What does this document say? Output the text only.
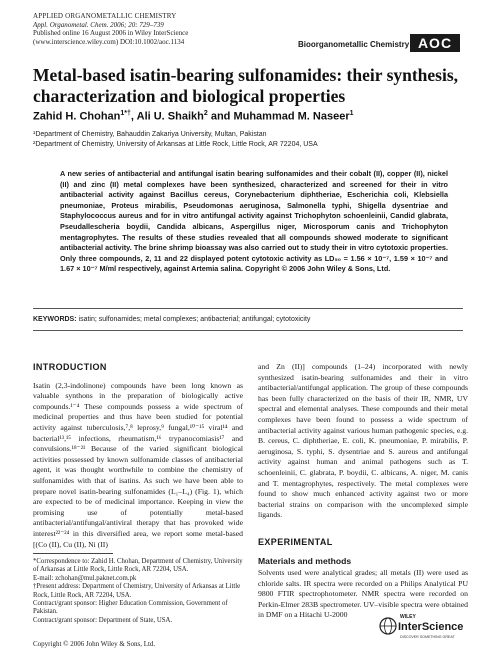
APPLIED ORGANOMETALLIC CHEMISTRY
Appl. Organometal. Chem. 2006; 20: 729–739
Published online 16 August 2006 in Wiley InterScience
(www.interscience.wiley.com) DOI:10.1002/aoc.1134	Bioorganometallic Chemistry AOC
Metal-based isatin-bearing sulfonamides: their synthesis, characterization and biological properties
Zahid H. Chohan$^{1*\dagger}$, Ali U. Shaikh$^2$ and Muhammad M. Naseer$^1$
¹Department of Chemistry, Bahauddin Zakariya University, Multan, Pakistan
²Department of Chemistry, University of Arkansas at Little Rock, Little Rock, AR 72204, USA
A new series of antibacterial and antifungal isatin bearing sulfonamides and their cobalt (II), copper (II), nickel (II) and zinc (II) metal complexes have been synthesized, characterized and screened for their in vitro antibacterial activity against Bacillus cereus, Corynebacterium diphtheriae, Escherichia coli, Klebsiella pneumoniae, Proteus mirabilis, Pseudomonas aeruginosa, Salmonella typhi, Shigella dysentriae and Staphylococcus aureus and for in vitro antifungal activity against Trichophyton schoenleinii, Candid glabrata, Pseudallescheria boydii, Candida albicans, Aspergillus niger, Microsporum canis and Trichophyton mentagrophytes. The results of these studies revealed that all compounds showed moderate to significant antibacterial activity. The brine shrimp bioassay was also carried out to study their in vitro cytotoxic properties. Only three compounds, 2, 11 and 22 displayed potent cytotoxic activity as LD₅₀ = 1.56 × 10⁻⁷, 1.59 × 10⁻⁷ and 1.67 × 10⁻⁷ M/ml respectively, against Artemia salina. Copyright © 2006 John Wiley & Sons, Ltd.
KEYWORDS: isatin; sulfonamides; metal complexes; antibacterial; antifungal; cytotoxicity
INTRODUCTION

Isatin (2,3-indolinone) compounds have been long known as valuable synthons in the preparation of biologically active compounds.¹⁻⁴ These compounds possess a wide spectrum of medicinal properties and thus have been studied for potential activity against tuberculosis,⁷,⁸ leprosy,⁹ fungal,¹⁰⁻¹⁵ viral¹⁴ and bacterial¹³,¹⁵ infections, rheumatism,¹⁶ trypanocomiasis¹⁷ and convulsions.¹⁸⁻²¹ Because of the varied significant biological activities possessed by known sulfonamide classes of antibacterial agent, it was thought worthwhile to combine the chemistry of sulfonamides with that of isatins. As such we have been able to prepare novel isatin-bearing sulfonamides (L₁–L₄) (Fig. 1), which are expected to be of medicinal importance. Keeping in view the promising use of potentially metal-based antibacterial/antifungal/antiviral therapy that has provoked wide interest²²⁻²⁴ in this diversified area, we report some metal-based [(Co (II), Cu (II), Ni (II)

and Zn (II)] compounds (1–24) incorporated with newly synthesized isatin-bearing sulfonamides and their in vitro antibacterial/antifungal application. The group of these compounds has been fully characterized on the basis of their IR, NMR, UV spectral and elemental analyses. These compounds and their metal complexes have been found to possess a wide spectrum of antibacterial activity against various human pathogenic species, e.g. B. cereus, C. diphtheriae, E. coli, K. pneumoniae, P. mirabilis, P. aeruginosa, S. typhi, S. dysentriae and S. aureus and antifungal activity against human and animal pathogens such as T. schoenleinii, C. glabrata, P. boydii, C. albicans, A. niger, M. canis and T. mentagrophytes, respectively. The metal complexes were found to show much enhanced activity against two or more bacterial strains on comparison with the uncomplexed simple ligands.

EXPERIMENTAL
Materials and methods

Solvents used were analytical grades; all metals (II) were used as chloride salts. IR spectra were recorded on a Philips Analytical PU 9800 FTIR spectrophotometer. NMR spectra were recorded on Perkin-Elmer 283B spectrometer. UV–visible spectra were obtained in DMF on a Hitachi U-2000

*Correspondence to: Zahid H. Chohan, Department of Chemistry, University of Arkansas at Little Rock, Little Rock, AR 72204, USA.

E-mail: zchohan@mul.paknet.com.pk

†Present address: Department of Chemistry, University of Arkansas at Little Rock, Little Rock, AR 72204, USA.

Contract/grant sponsor: Higher Education Commission, Government of Pakistan.

Contract/grant sponsor: Department of State, USA.

Copyright © 2006 John Wiley & Sons, Ltd.
WILEY
InterScience
DISCOVER SOMETHING GREAT
